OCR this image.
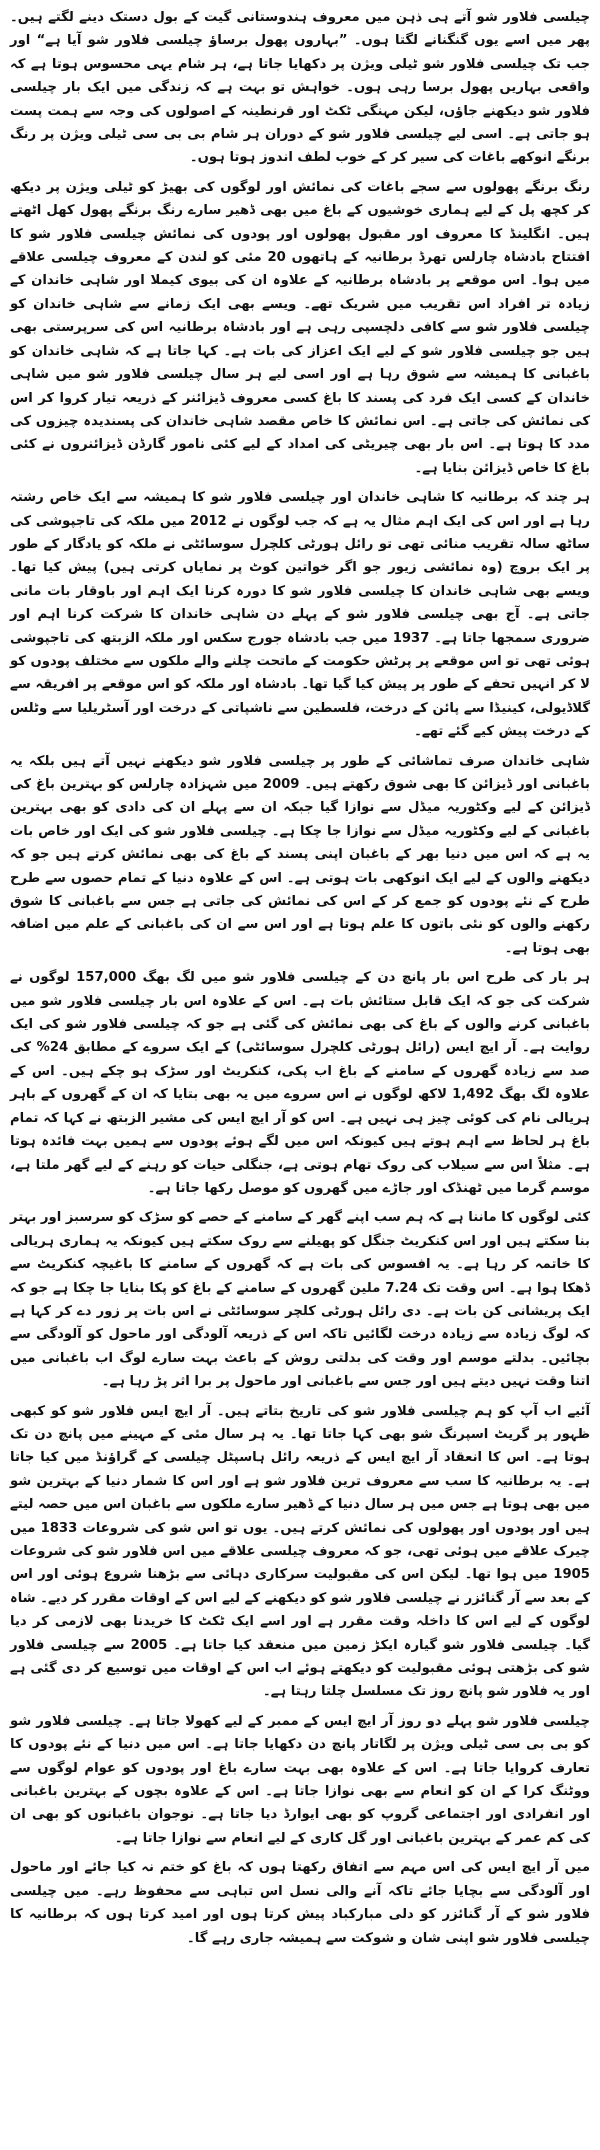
چیلسی فلاور شو آتے ہی ذہن میں معروف ہندوستانی گیت کے بول دستک دینے لگتے ہیں۔ پھر میں اسے یوں گنگنانے لگتا ہوں۔ ”بہاروں پھول برساؤ چیلسی فلاور شو آیا ہے“ اور جب تک چیلسی فلاور شو ٹیلی ویژن پر دکھایا جاتا ہے، ہر شام یہی محسوس ہوتا ہے کہ واقعی بہاریں پھول برسا رہی ہوں۔ خواہش تو بہت ہے کہ زندگی میں ایک بار چیلسی فلاور شو دیکھنے جاؤں، لیکن مہنگی ٹکٹ اور قرنطینہ کے اصولوں کی وجہ سے ہمت پست ہو جاتی ہے۔ اسی لیے چیلسی فلاور شو کے دوران ہر شام بی بی سی ٹیلی ویژن پر رنگ برنگے انوکھے باغات کی سیر کر کے خوب لطف اندوز ہوتا ہوں۔

رنگ برنگے پھولوں سے سجے باغات کی نمائش اور لوگوں کی بھیڑ کو ٹیلی ویژن پر دیکھ کر کچھ پل کے لیے ہماری خوشیوں کے باغ میں بھی ڈھیر سارے رنگ برنگے پھول کھل اٹھتے ہیں۔ انگلینڈ کا معروف اور مقبول پھولوں اور پودوں کی نمائش چیلسی فلاور شو کا افتتاح بادشاہ چارلس تھرڈ برطانیہ کے ہاتھوں 20 مئی کو لندن کے معروف چیلسی علاقے میں ہوا۔ اس موقعے پر بادشاہ برطانیہ کے علاوہ ان کی بیوی کیملا اور شاہی خاندان کے زیادہ تر افراد اس تقریب میں شریک تھے۔ ویسے بھی ایک زمانے سے شاہی خاندان کو چیلسی فلاور شو سے کافی دلچسپی رہی ہے اور بادشاہ برطانیہ اس کی سرپرستی بھی ہیں جو چیلسی فلاور شو کے لیے ایک اعزاز کی بات ہے۔ کہا جاتا ہے کہ شاہی خاندان کو باغبانی کا ہمیشہ سے شوق رہا ہے اور اسی لیے ہر سال چیلسی فلاور شو میں شاہی خاندان کے کسی ایک فرد کی پسند کا باغ کسی معروف ڈیزائنر کے ذریعہ تیار کروا کر اس کی نمائش کی جاتی ہے۔ اس نمائش کا خاص مقصد شاہی خاندان کی پسندیدہ چیزوں کی مدد کا ہوتا ہے۔ اس بار بھی چیریٹی کی امداد کے لیے کئی نامور گارڈن ڈیزائنروں نے کئی باغ کا خاص ڈیزائن بنایا ہے۔

ہر چند کہ برطانیہ کا شاہی خاندان اور چیلسی فلاور شو کا ہمیشہ سے ایک خاص رشتہ رہا ہے اور اس کی ایک اہم مثال یہ ہے کہ جب لوگوں نے 2012 میں ملکہ کی تاجپوشی کی ساٹھ سالہ تقریب منائی تھی تو رائل ہورٹی کلچرل سوسائٹی نے ملکہ کو یادگار کے طور پر ایک بروچ (وہ نمائشی زیور جو اگر خواتین کوٹ پر نمایاں کرتی ہیں) پیش کیا تھا۔ ویسے بھی شاہی خاندان کا چیلسی فلاور شو کا دورہ کرنا ایک اہم اور باوقار بات مانی جاتی ہے۔ آج بھی چیلسی فلاور شو کے پہلے دن شاہی خاندان کا شرکت کرنا اہم اور ضروری سمجھا جاتا ہے۔ 1937 میں جب بادشاہ جورج سکس اور ملکہ الزبتھ کی تاجپوشی ہوئی تھی تو اس موقعے پر پرٹش حکومت کے ماتحت چلنے والے ملکوں سے مختلف پودوں کو لا کر انہیں تحفے کے طور پر پیش کیا گیا تھا۔ بادشاہ اور ملکہ کو اس موقعے پر افریقہ سے گلاڈیولی، کینیڈا سے پائن کے درخت، فلسطین سے ناشپاتی کے درخت اور آسٹریلیا سے وٹلس کے درخت پیش کیے گئے تھے۔

شاہی خاندان صرف تماشائی کے طور پر چیلسی فلاور شو دیکھنے نہیں آتے ہیں بلکہ یہ باغبانی اور ڈیزائن کا بھی شوق رکھتے ہیں۔ 2009 میں شہزادہ چارلس کو بہترین باغ کی ڈیزائن کے لیے وکٹوریہ میڈل سے نوازا گیا جبکہ ان سے پہلے ان کی دادی کو بھی بہترین باغبانی کے لیے وکٹوریہ میڈل سے نوازا جا چکا ہے۔ چیلسی فلاور شو کی ایک اور خاص بات یہ ہے کہ اس میں دنیا بھر کے باغبان اپنی پسند کے باغ کی بھی نمائش کرتے ہیں جو کہ دیکھنے والوں کے لیے ایک انوکھی بات ہوتی ہے۔ اس کے علاوہ دنیا کے تمام حصوں سے طرح طرح کے نئے پودوں کو جمع کر کے اس کی نمائش کی جاتی ہے جس سے باغبانی کا شوق رکھنے والوں کو نئی باتوں کا علم ہوتا ہے اور اس سے ان کی باغبانی کے علم میں اضافہ بھی ہوتا ہے۔

ہر بار کی طرح اس بار پانچ دن کے چیلسی فلاور شو میں لگ بھگ 157,000 لوگوں نے شرکت کی جو کہ ایک قابل ستائش بات ہے۔ اس کے علاوہ اس بار چیلسی فلاور شو میں باغبانی کرنے والوں کے باغ کی بھی نمائش کی گئی ہے جو کہ چیلسی فلاور شو کی ایک روایت ہے۔ آر ایچ ایس (رائل ہورٹی کلچرل سوسائٹی) کے ایک سروے کے مطابق 24% کی صد سے زیادہ گھروں کے سامنے کے باغ اب پکی، کنکریٹ اور سڑک ہو چکے ہیں۔ اس کے علاوہ لگ بھگ 1,492 لاکھ لوگوں نے اس سروے میں یہ بھی بتایا کہ ان کے گھروں کے باہر ہریالی نام کی کوئی چیز ہی نہیں ہے۔ اس کو آر ایچ ایس کی مشیر الزبتھ نے کہا کہ تمام باغ ہر لحاظ سے اہم ہوتے ہیں کیونکہ اس میں لگے ہوئے پودوں سے ہمیں بہت فائدہ ہوتا ہے۔ مثلاً اس سے سیلاب کی روک تھام ہوتی ہے، جنگلی حیات کو رہنے کے لیے گھر ملتا ہے، موسم گرما میں ٹھنڈک اور جاڑے میں گھروں کو موصل رکھا جاتا ہے۔

کئی لوگوں کا ماننا ہے کہ ہم سب اپنے گھر کے سامنے کے حصے کو سڑک کو سرسبز اور بہتر بنا سکتے ہیں اور اس کنکریٹ جنگل کو پھیلنے سے روک سکتے ہیں کیونکہ یہ ہماری ہریالی کا خاتمہ کر رہا ہے۔ یہ افسوس کی بات ہے کہ گھروں کے سامنے کا باغیچہ کنکریٹ سے ڈھکا ہوا ہے۔ اس وقت تک 7.24 ملین گھروں کے سامنے کے باغ کو پکا بنایا جا چکا ہے جو کہ ایک پریشانی کن بات ہے۔ دی رائل ہورٹی کلچر سوسائٹی نے اس بات پر زور دے کر کہا ہے کہ لوگ زیادہ سے زیادہ درخت لگائیں تاکہ اس کے ذریعہ آلودگی اور ماحول کو آلودگی سے بچائیں۔ بدلتے موسم اور وقت کی بدلتی روش کے باعث بہت سارے لوگ اب باغبانی میں اتنا وقت نہیں دیتے ہیں اور جس سے باغبانی اور ماحول پر برا اثر پڑ رہا ہے۔

آئیے اب آپ کو ہم چیلسی فلاور شو کی تاریخ بتاتے ہیں۔ آر ایچ ایس فلاور شو کو کبھی ظہور پر گریٹ اسپرنگ شو بھی کہا جاتا تھا۔ یہ ہر سال مئی کے مہینے میں پانچ دن تک ہوتا ہے۔ اس کا انعقاد آر ایچ ایس کے ذریعہ رائل ہاسپٹل چیلسی کے گراؤنڈ میں کیا جاتا ہے۔ یہ برطانیہ کا سب سے معروف ترین فلاور شو ہے اور اس کا شمار دنیا کے بہترین شو میں بھی ہوتا ہے جس میں ہر سال دنیا کے ڈھیر سارے ملکوں سے باغبان اس میں حصہ لیتے ہیں اور پودوں اور پھولوں کی نمائش کرتے ہیں۔ یوں تو اس شو کی شروعات 1833 میں چیرک علاقے میں ہوئی تھی، جو کہ معروف چیلسی علاقے میں اس فلاور شو کی شروعات 1905 میں ہوا تھا۔ لیکن اس کی مقبولیت سرکاری دہائی سے بڑھنا شروع ہوئی اور اس کے بعد سے آر گنائزر نے چیلسی فلاور شو کو دیکھنے کے لیے اس کے اوقات مقرر کر دیے۔ شاہ لوگوں کے لیے اس کا داخلہ وقت مقرر ہے اور اسے ایک ٹکٹ کا خریدنا بھی لازمی کر دیا گیا۔ چیلسی فلاور شو گیارہ ایکڑ زمین میں منعقد کیا جاتا ہے۔ 2005 سے چیلسی فلاور شو کی بڑھتی ہوئی مقبولیت کو دیکھتے ہوئے اب اس کے اوقات میں توسیع کر دی گئی ہے اور یہ فلاور شو پانچ روز تک مسلسل چلتا رہتا ہے۔

چیلسی فلاور شو پہلے دو روز آر ایچ ایس کے ممبر کے لیے کھولا جاتا ہے۔ چیلسی فلاور شو کو بی بی سی ٹیلی ویژن پر لگاتار پانچ دن دکھایا جاتا ہے۔ اس میں دنیا کے نئے پودوں کا تعارف کروایا جاتا ہے۔ اس کے علاوہ بھی بہت سارے باغ اور پودوں کو عوام لوگوں سے ووٹنگ کرا کے ان کو انعام سے بھی نوازا جاتا ہے۔ اس کے علاوہ بچوں کے بہترین باغبانی اور انفرادی اور اجتماعی گروپ کو بھی ایوارڈ دیا جاتا ہے۔ نوجوان باغبانوں کو بھی ان کی کم عمر کے بہترین باغبانی اور گل کاری کے لیے انعام سے نوازا جاتا ہے۔

میں آر ایچ ایس کی اس مہم سے اتفاق رکھتا ہوں کہ باغ کو ختم نہ کیا جائے اور ماحول اور آلودگی سے بچایا جائے تاکہ آنے والی نسل اس تباہی سے محفوظ رہے۔ میں چیلسی فلاور شو کے آر گنائزر کو دلی مبارکباد پیش کرتا ہوں اور امید کرتا ہوں کہ برطانیہ کا چیلسی فلاور شو اپنی شان و شوکت سے ہمیشہ جاری رہے گا۔
